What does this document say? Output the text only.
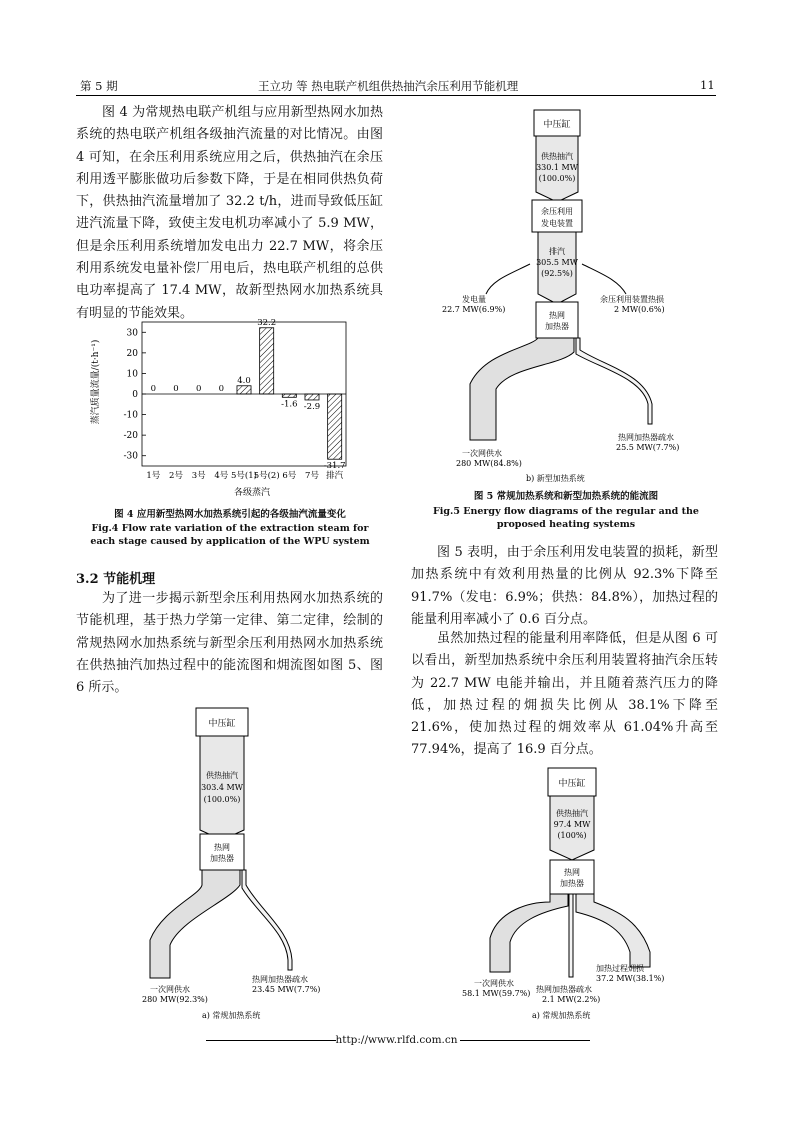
第 5 期	王立功 等 热电联产机组供热抽汽余压利用节能机理	11

图 4 为常规热电联产机组与应用新型热网水加热系统的热电联产机组各级抽汽流量的对比情况。由图 4 可知，在余压利用系统应用之后，供热抽汽在余压利用透平膨胀做功后参数下降，于是在相同供热负荷下，供热抽汽流量增加了 32.2 t/h，进而导致低压缸进汽流量下降，致使主发电机功率减小了 5.9 MW，但是余压利用系统增加发电出力 22.7 MW，将余压利用系统发电量补偿厂用电后，热电联产机组的总供电功率提高了 17.4 MW，故新型热网水加热系统具有明显的节能效果。

0 0 0 0
4.0
32.2
-1.6 -2.9
-31.7
30
20
10
0
-10
-20
-30
1号 2号 3号 4号 5号(1)
5号(2) 6号 7号 排汽
蒸汽质量流量/(t·h⁻¹)
各级蒸汽
图 4 应用新型热网水加热系统引起的各级抽汽流量变化
Fig.4 Flow rate variation of the extraction steam for each stage caused by application of the WPU system
3.2 节能机理

为了进一步揭示新型余压利用热网水加热系统的节能机理，基于热力学第一定律、第二定律，绘制的常规热网水加热系统与新型余压利用热网水加热系统在供热抽汽加热过程中的能流图和㶲流图如图 5、图 6 所示。

中压缸
供热抽汽
303.4 MW
(100.0%)
热网
加热器
一次网供水
280 MW(92.3%)
热网加热器疏水
23.45 MW(7.7%)
a) 常规加热系统
中压缸
供热抽汽
330.1 MW
(100.0%)
余压利用
发电装置
排汽
305.5 MW
(92.5%)
发电量
22.7 MW(6.9%)
余压利用装置热损
2 MW(0.6%)
热网
加热器
一次网供水
280 MW(84.8%)
热网加热器疏水
25.5 MW(7.7%)
b) 新型加热系统
图 5 常规加热系统和新型加热系统的能流图
Fig.5 Energy flow diagrams of the regular and the proposed heating systems

图 5 表明，由于余压利用发电装置的损耗，新型加热系统中有效利用热量的比例从 92.3%下降至 91.7%（发电：6.9%；供热：84.8%），加热过程的能量利用率减小了 0.6 百分点。

虽然加热过程的能量利用率降低，但是从图 6 可以看出，新型加热系统中余压利用装置将抽汽余压转为 22.7 MW 电能并输出，并且随着蒸汽压力的降低，加热过程的㶲损失比例从 38.1%下降至 21.6%，使加热过程的㶲效率从 61.04%升高至 77.94%，提高了 16.9 百分点。

中压缸
供热抽汽
97.4 MW
(100%)
热网
加热器
加热过程㶲损
37.2 MW(38.1%)
一次网供水
58.1 MW(59.7%) 热网加热器疏水
2.1 MW(2.2%)
a) 常规加热系统
http://www.rlfd.com.cn
